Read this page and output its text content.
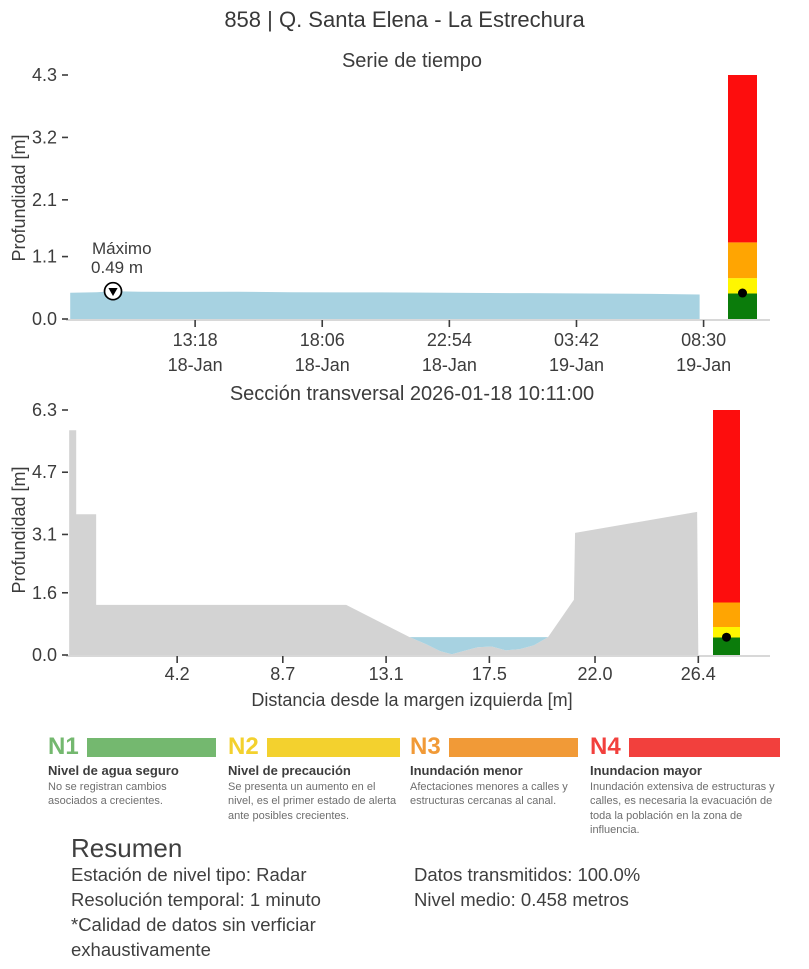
858 | Q. Santa Elena - La Estrechura
0.0
1.1
2.1
3.2
4.3
Profundidad [m]
Serie de tiempo
13:18
18-Jan
18:06
18-Jan
22:54
18-Jan
03:42
19-Jan
08:30
19-Jan
Máximo
0.49 m
0.0
1.6
3.1
4.7
6.3
Profundidad [m]
Sección transversal 2026-01-18 10:11:00
4.2	8.7	13.1	17.5	22.0	26.4
Distancia desde la margen izquierda [m]
N1
Nivel de agua seguro
No se registran cambios asociados a crecientes.
N2
Nivel de precaución
Se presenta un aumento en el nivel, es el primer estado de alerta ante posibles crecientes.
N3
Inundación menor
Afectaciones menores a calles y estructuras cercanas al canal.
N4
Inundacion mayor
Inundación extensiva de estructuras y calles, es necesaria la evacuación de toda la población en la zona de influencia.
Resumen
Estación de nivel tipo: Radar
Resolución temporal: 1 minuto
*Calidad de datos sin verficiar exhaustivamente
Datos transmitidos: 100.0%
Nivel medio: 0.458 metros
